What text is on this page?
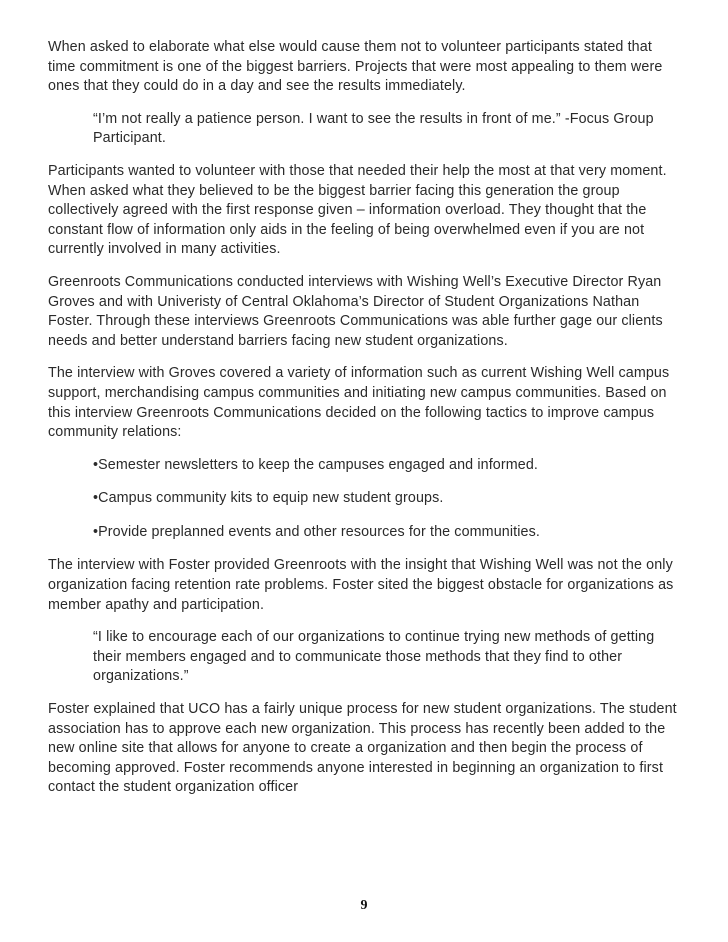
When asked to elaborate what else would cause them not to volunteer participants stated that time commitment is one of the biggest barriers. Projects that were most appealing to them were ones that they could do in a day and see the results immediately.

“I’m not really a patience person. I want to see the results in front of me.” -Focus Group Participant.

Participants wanted to volunteer with those that needed their help the most at that very moment. When asked what they believed to be the biggest barrier facing this generation the group collectively agreed with the first response given – information overload. They thought that the constant flow of information only aids in the feeling of being overwhelmed even if you are not currently involved in many activities.

Greenroots Communications conducted interviews with Wishing Well’s Executive Director Ryan Groves and with Univeristy of Central Oklahoma’s Director of Student Organizations Nathan Foster. Through these interviews Greenroots Communications was able further gage our clients needs and better understand barriers facing new student organizations.

The interview with Groves covered a variety of information such as current Wishing Well campus support, merchandising campus communities and initiating new campus communities. Based on this interview Greenroots Communications decided on the following tactics to improve campus community relations:

•Semester newsletters to keep the campuses engaged and informed.

•Campus community kits to equip new student groups.

•Provide preplanned events and other resources for the communities.

The interview with Foster provided Greenroots with the insight that Wishing Well was not the only organization facing retention rate problems. Foster sited the biggest obstacle for organizations as member apathy and participation.

“I like to encourage each of our organizations to continue trying new methods of getting their members engaged and to communicate those methods that they find to other organizations.”

Foster explained that UCO has a fairly unique process for new student organizations. The student association has to approve each new organization. This process has recently been added to the new online site that allows for anyone to create a organization and then begin the process of becoming approved. Foster recommends anyone interested in beginning an organization to first contact the student organization officer

9
